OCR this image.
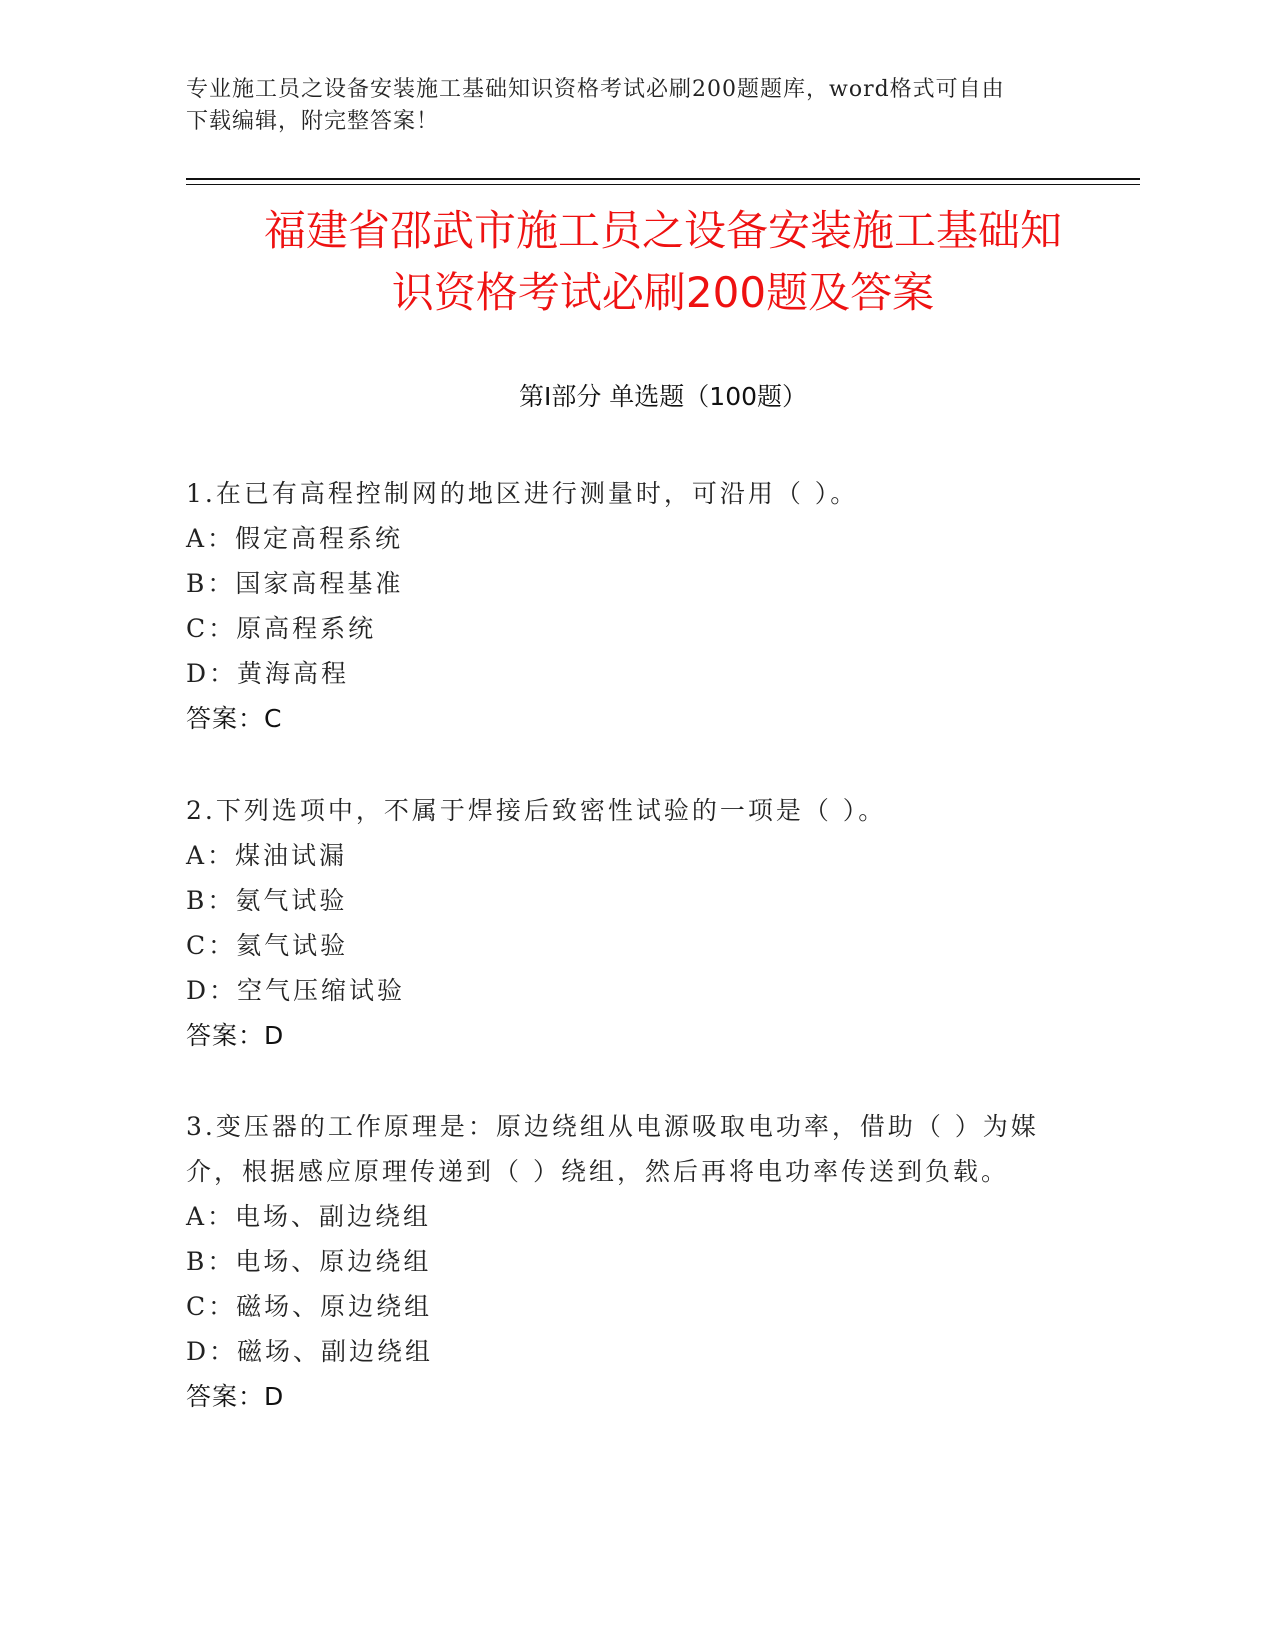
专业施工员之设备安装施工基础知识资格考试必刷200题题库，word格式可自由
下载编辑，附完整答案！
福建省邵武市施工员之设备安装施工基础知
识资格考试必刷200题及答案
第Ⅰ部分 单选题（100题）
1.在已有高程控制网的地区进行测量时，可沿用（ ）。
A：假定高程系统
B：国家高程基准
C：原高程系统
D：黄海高程
答案：C
2.下列选项中，不属于焊接后致密性试验的一项是（ ）。
A：煤油试漏
B：氨气试验
C：氦气试验
D：空气压缩试验
答案：D
3.变压器的工作原理是：原边绕组从电源吸取电功率，借助（ ）为媒
介，根据感应原理传递到（ ）绕组，然后再将电功率传送到负载。
A：电场、副边绕组
B：电场、原边绕组
C：磁场、原边绕组
D：磁场、副边绕组
答案：D
